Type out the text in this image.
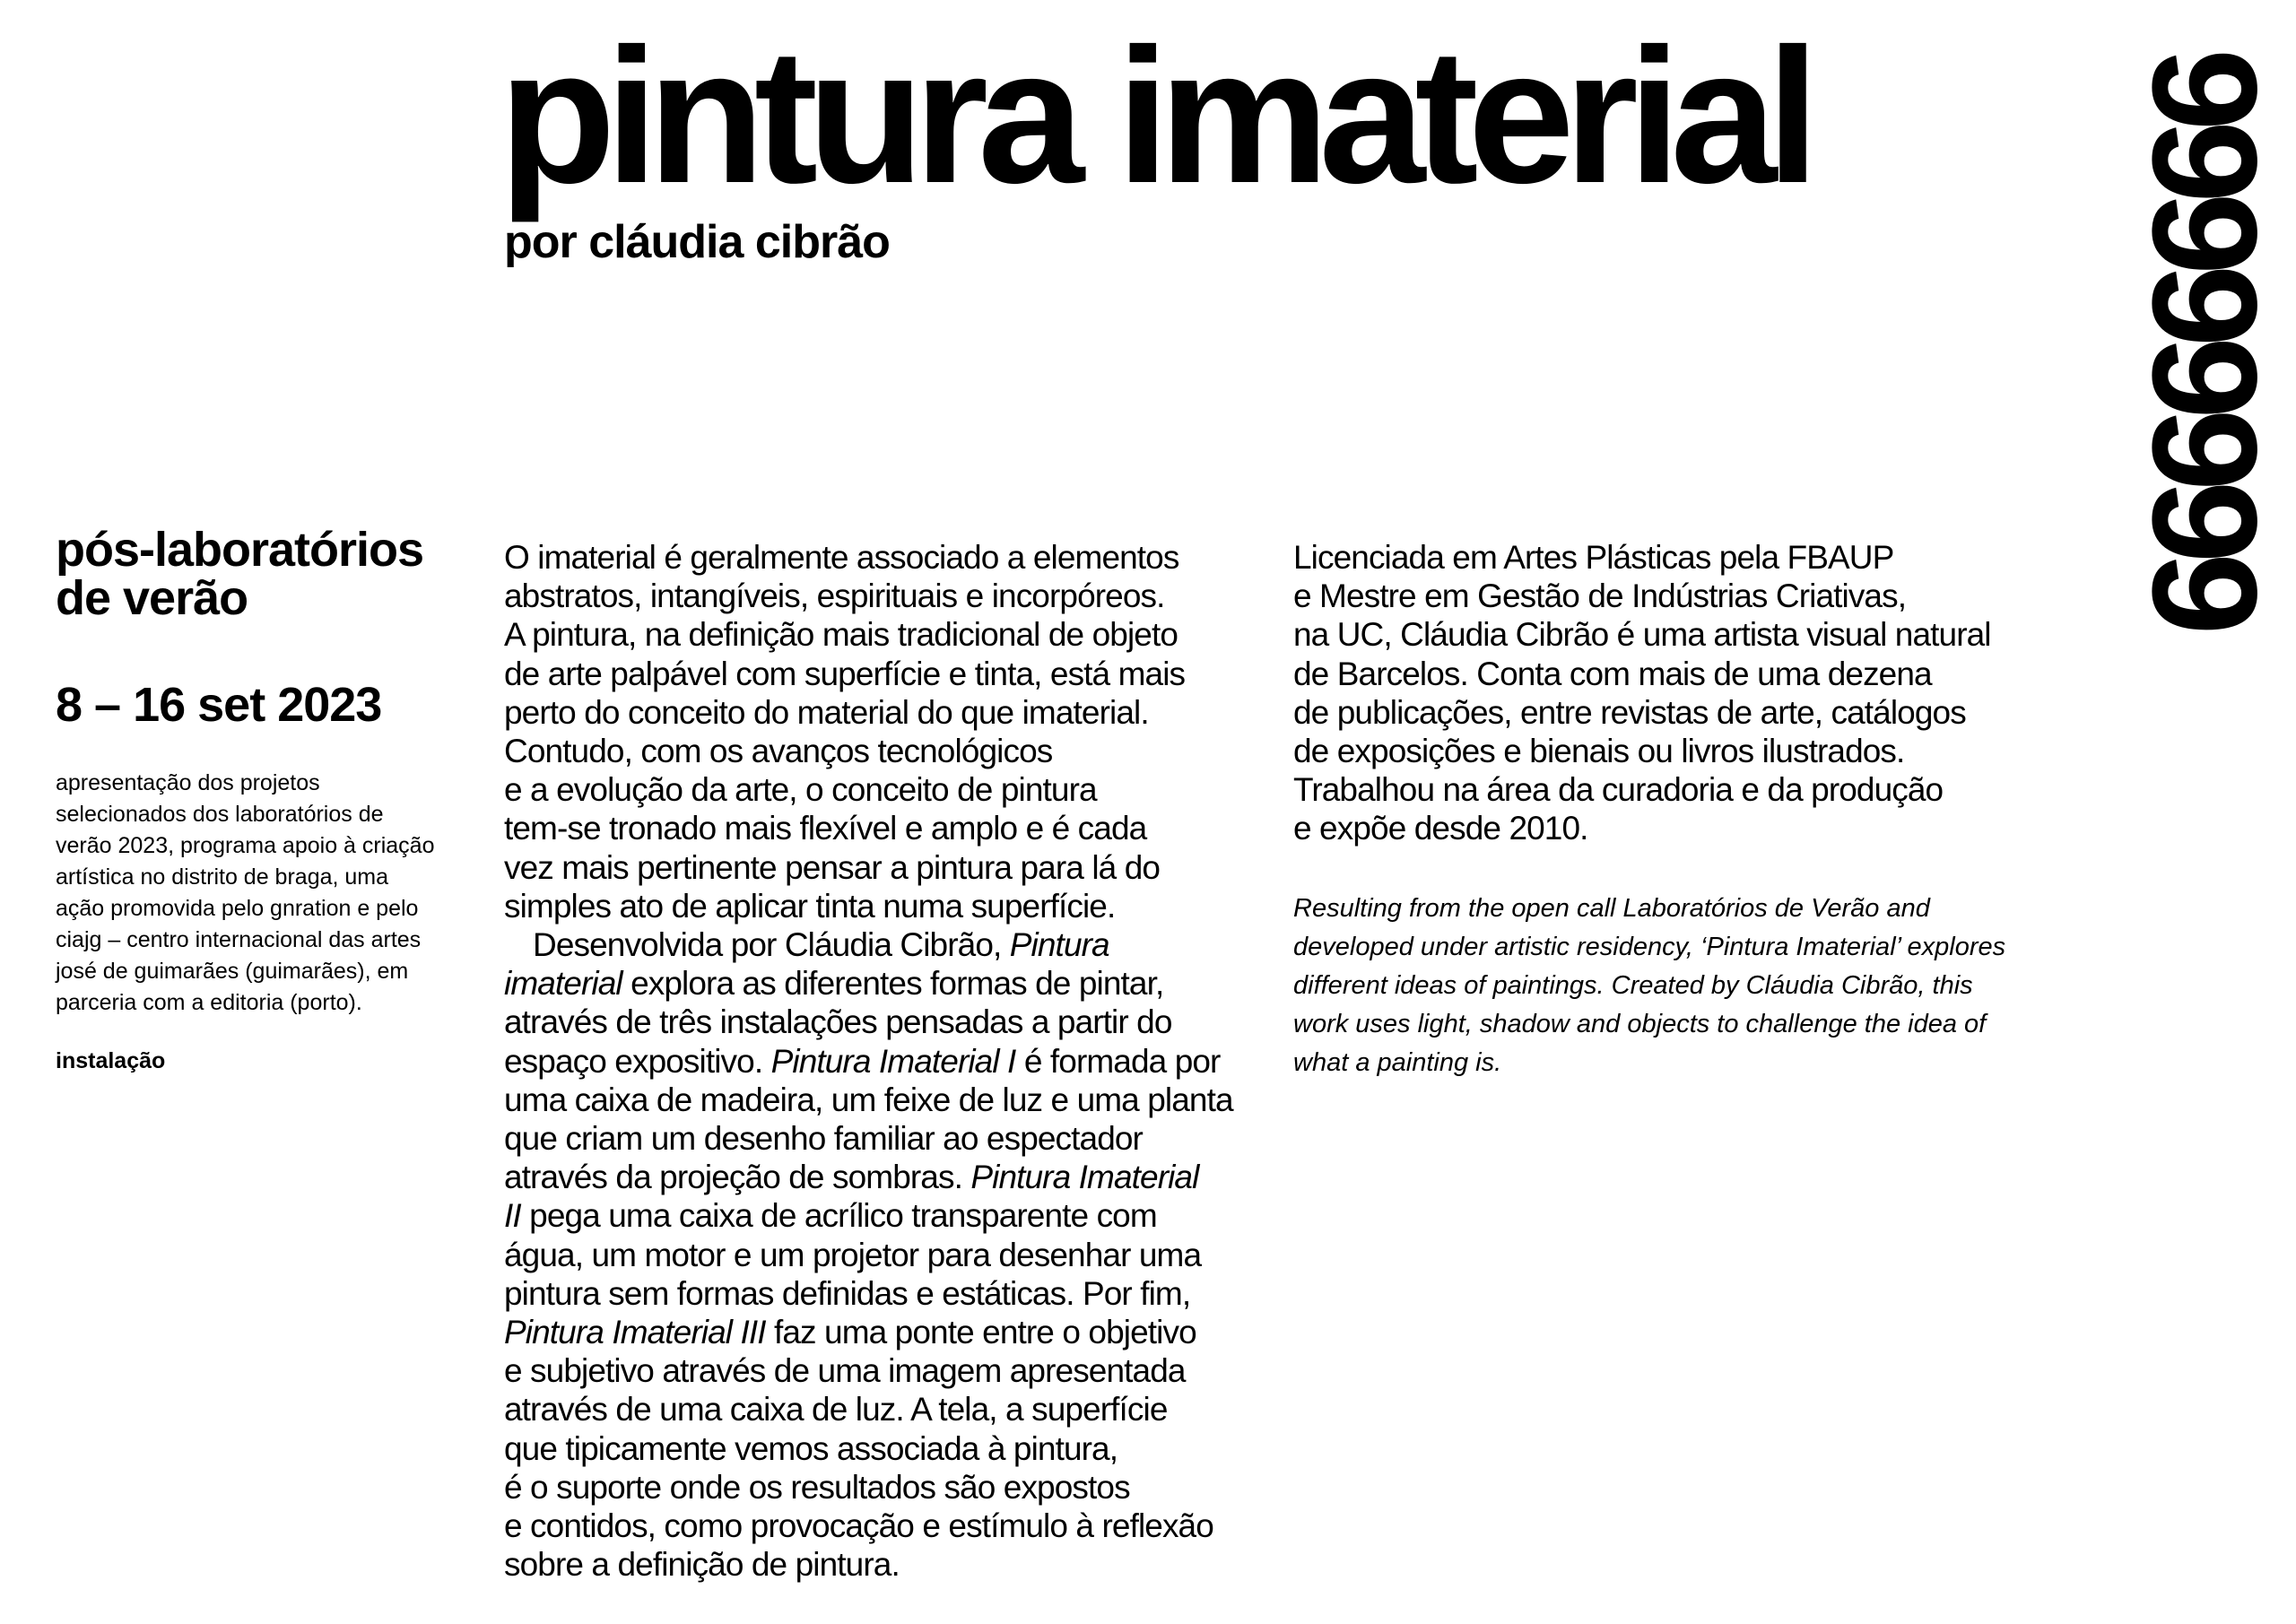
pintura imaterial
por cláudia cibrão	99999999
pós-laboratórios
de verão
8 – 16 set 2023

apresentação dos projetos
selecionados dos laboratórios de
verão 2023, programa apoio à criação
artística no distrito de braga, uma
ação promovida pelo gnration e pelo
ciajg – centro internacional das artes
josé de guimarães (guimarães), em
parceria com a editoria (porto).

instalação

O imaterial é geralmente associado a elementos
abstratos, intangíveis, espirituais e incorpóreos.
A pintura, na definição mais tradicional de objeto
de arte palpável com superfície e tinta, está mais
perto do conceito do material do que imaterial.
Contudo, com os avanços tecnológicos
e a evolução da arte, o conceito de pintura
tem-se tronado mais flexível e amplo e é cada
vez mais pertinente pensar a pintura para lá do
simples ato de aplicar tinta numa superfície.

Desenvolvida por Cláudia Cibrão, Pintura
imaterial explora as diferentes formas de pintar,
através de três instalações pensadas a partir do
espaço expositivo. Pintura Imaterial I é formada por
uma caixa de madeira, um feixe de luz e uma planta
que criam um desenho familiar ao espectador
através da projeção de sombras. Pintura Imaterial
II pega uma caixa de acrílico transparente com
água, um motor e um projetor para desenhar uma
pintura sem formas definidas e estáticas. Por fim,
Pintura Imaterial III faz uma ponte entre o objetivo
e subjetivo através de uma imagem apresentada
através de uma caixa de luz. A tela, a superfície
que tipicamente vemos associada à pintura,
é o suporte onde os resultados são expostos
e contidos, como provocação e estímulo à reflexão
sobre a definição de pintura.

Licenciada em Artes Plásticas pela FBAUP
e Mestre em Gestão de Indústrias Criativas,
na UC, Cláudia Cibrão é uma artista visual natural
de Barcelos. Conta com mais de uma dezena
de publicações, entre revistas de arte, catálogos
de exposições e bienais ou livros ilustrados.
Trabalhou na área da curadoria e da produção
e expõe desde 2010.

Resulting from the open call Laboratórios de Verão and
developed under artistic residency, ‘Pintura Imaterial’ explores
different ideas of paintings. Created by Cláudia Cibrão, this
work uses light, shadow and objects to challenge the idea of
what a painting is.
